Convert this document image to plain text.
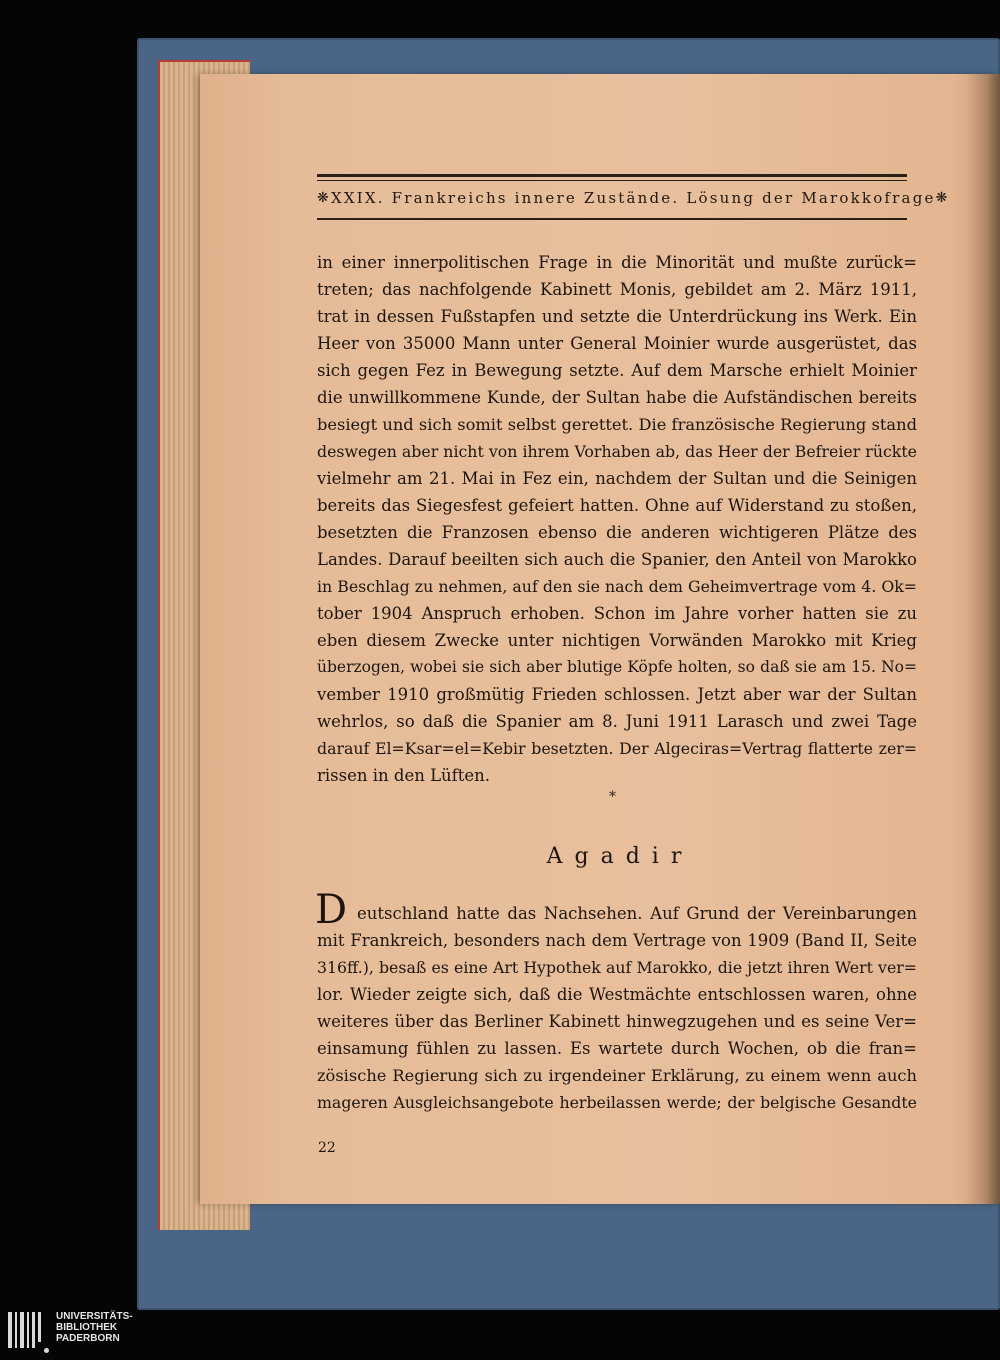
❋ XXIX. Frankreichs innere Zustände. Lösung der Marokkofrage ❋
in einer innerpolitischen Frage in die Minorität und mußte zurück=
treten; das nachfolgende Kabinett Monis, gebildet am 2. März 1911,
trat in dessen Fußstapfen und setzte die Unterdrückung ins Werk. Ein
Heer von 35000 Mann unter General Moinier wurde ausgerüstet, das
sich gegen Fez in Bewegung setzte. Auf dem Marsche erhielt Moinier
die unwillkommene Kunde, der Sultan habe die Aufständischen bereits
besiegt und sich somit selbst gerettet. Die französische Regierung stand
deswegen aber nicht von ihrem Vorhaben ab, das Heer der Befreier rückte
vielmehr am 21. Mai in Fez ein, nachdem der Sultan und die Seinigen
bereits das Siegesfest gefeiert hatten. Ohne auf Widerstand zu stoßen,
besetzten die Franzosen ebenso die anderen wichtigeren Plätze des
Landes. Darauf beeilten sich auch die Spanier, den Anteil von Marokko
in Beschlag zu nehmen, auf den sie nach dem Geheimvertrage vom 4. Ok=
tober 1904 Anspruch erhoben. Schon im Jahre vorher hatten sie zu
eben diesem Zwecke unter nichtigen Vorwänden Marokko mit Krieg
überzogen, wobei sie sich aber blutige Köpfe holten, so daß sie am 15. No=
vember 1910 großmütig Frieden schlossen. Jetzt aber war der Sultan
wehrlos, so daß die Spanier am 8. Juni 1911 Larasch und zwei Tage
darauf El=Ksar=el=Kebir besetzten. Der Algeciras=Vertrag flatterte zer=
rissen in den Lüften.
*
Agadir
D eutschland hatte das Nachsehen. Auf Grund der Vereinbarungen
mit Frankreich, besonders nach dem Vertrage von 1909 (Band II, Seite
316ff.), besaß es eine Art Hypothek auf Marokko, die jetzt ihren Wert ver=
lor. Wieder zeigte sich, daß die Westmächte entschlossen waren, ohne
weiteres über das Berliner Kabinett hinwegzugehen und es seine Ver=
einsamung fühlen zu lassen. Es wartete durch Wochen, ob die fran=
zösische Regierung sich zu irgendeiner Erklärung, zu einem wenn auch
mageren Ausgleichsangebote herbeilassen werde; der belgische Gesandte
22
UNIVERSITÄTS-
BIBLIOTHEK
PADERBORN
